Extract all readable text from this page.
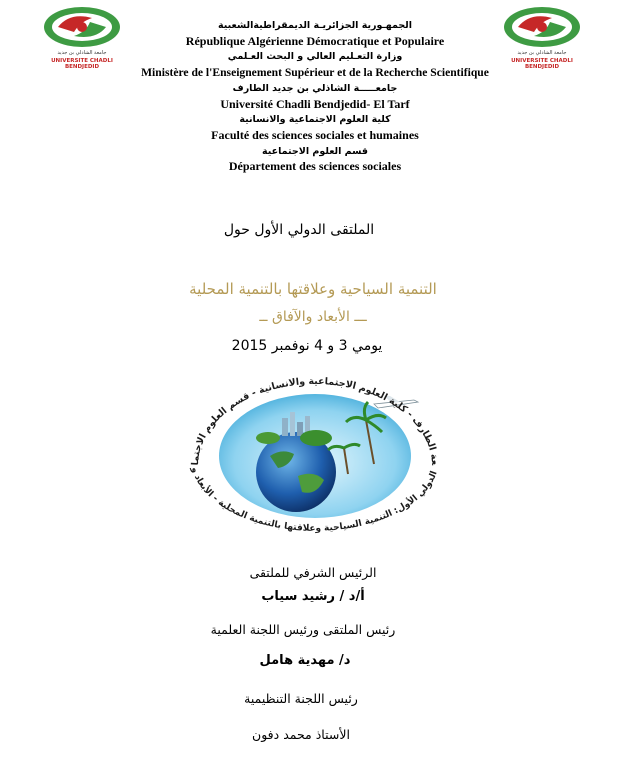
جامعة الشاذلي بن جديد
UNIVERSITE CHADLI BENDJEDID
جامعة الشاذلي بن جديد
UNIVERSITE CHADLI BENDJEDID
الجمهـورية الجزائريـة الديمقراطيةالشعبية
République Algérienne Démocratique et Populaire
وزارة التعـليم العالي و البحث العـلمي
Ministère de l'Enseignement Supérieur et de la Recherche Scientifique
جامعـــــة الشاذلي بن جديد الطارف
Université Chadli Bendjedid- El Tarf
كلية العلوم الاجتماعية والانسانية
Faculté des sciences sociales et humaines
قسم العلوم الاجتماعية
Département des sciences sociales
الملتقى الدولي الأول حول
التنمية السياحية وعلاقتها بالتنمية المحلية
ـــ الأبعاد والآفاق ــ
يومي 3 و 4 نوفمبر 2015
عة الطارف - كلية العلوم الاجتماعية والانسانية - قسم العلوم الاجتماعية
الدولي الأول: التنمية السياحية وعلاقتها بالتنمية المحلية - الأبعاد و
الرئيس الشرفي للملتقى
أ/د / رشيد سياب
رئيس الملتقى ورئيس اللجنة العلمية
د/ مهدية هامل
رئيس اللجنة التنظيمية
الأستاذ محمد دفون
